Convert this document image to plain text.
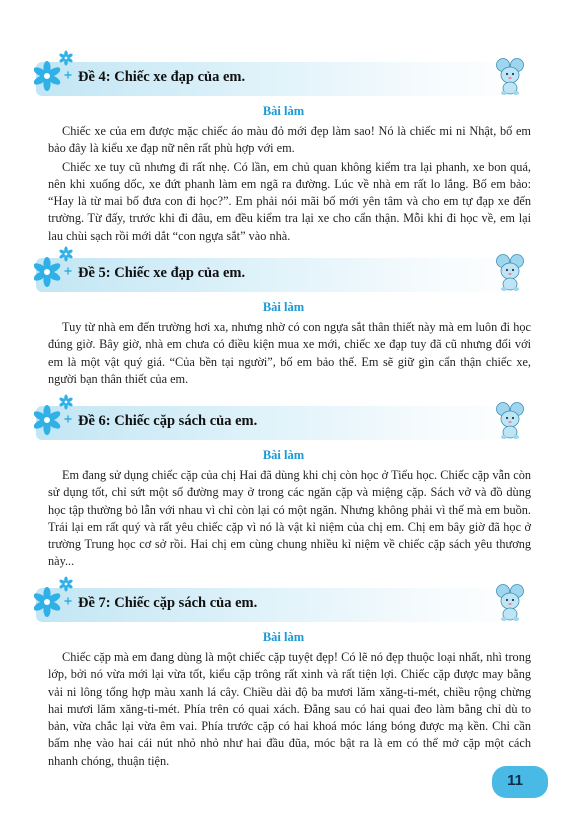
Đề 4: Chiếc xe đạp của em.
Bài làm

Chiếc xe của em được mặc chiếc áo màu đỏ mới đẹp làm sao! Nó là chiếc mi ni Nhật, bố em bảo đây là kiểu xe đạp nữ nên rất phù hợp với em.

Chiếc xe tuy cũ nhưng đi rất nhẹ. Có lần, em chủ quan không kiểm tra lại phanh, xe bon quá, nên khi xuống dốc, xe đứt phanh làm em ngã ra đường. Lúc về nhà em rất lo lắng. Bố em bảo: “Hay là từ mai bố đưa con đi học?”. Em phải nói mãi bố mới yên tâm và cho em tự đạp xe đến trường. Từ đấy, trước khi đi đâu, em đều kiểm tra lại xe cho cẩn thận. Mỗi khi đi học về, em lại lau chùi sạch rồi mới dắt “con ngựa sắt” vào nhà.

Đề 5: Chiếc xe đạp của em.
Bài làm

Tuy từ nhà em đến trường hơi xa, nhưng nhờ có con ngựa sắt thân thiết này mà em luôn đi học đúng giờ. Bây giờ, nhà em chưa có điều kiện mua xe mới, chiếc xe đạp tuy đã cũ nhưng đối với em là một vật quý giá. “Của bền tại người”, bố em bảo thế. Em sẽ giữ gìn cẩn thận chiếc xe, người bạn thân thiết của em.

Đề 6: Chiếc cặp sách của em.
Bài làm

Em đang sử dụng chiếc cặp của chị Hai đã dùng khi chị còn học ở Tiểu học. Chiếc cặp vẫn còn sử dụng tốt, chỉ sứt một số đường may ở trong các ngăn cặp và miệng cặp. Sách vở và đồ dùng học tập thường bỏ lẫn với nhau vì chỉ còn lại có một ngăn. Nhưng không phải vì thế mà em buồn. Trái lại em rất quý và rất yêu chiếc cặp vì nó là vật kỉ niệm của chị em. Chị em bây giờ đã học ở trường Trung học cơ sở rồi. Hai chị em cùng chung nhiều kỉ niệm về chiếc cặp sách yêu thương này...

Đề 7: Chiếc cặp sách của em.
Bài làm

Chiếc cặp mà em đang dùng là một chiếc cặp tuyệt đẹp! Có lẽ nó đẹp thuộc loại nhất, nhì trong lớp, bởi nó vừa mới lại vừa tốt, kiểu cặp trông rất xinh và rất tiện lợi. Chiếc cặp được may bằng vải ni lông tổng hợp màu xanh lá cây. Chiều dài độ ba mươi lăm xăng-ti-mét, chiều rộng chừng hai mươi lăm xăng-ti-mét. Phía trên có quai xách. Đằng sau có hai quai đeo làm bằng chỉ dù to bản, vừa chắc lại vừa êm vai. Phía trước cặp có hai khoá móc láng bóng được mạ kền. Chỉ cần bấm nhẹ vào hai cái nút nhỏ nhỏ như hai đầu đũa, móc bật ra là em có thể mở cặp một cách nhanh chóng, thuận tiện.

11
